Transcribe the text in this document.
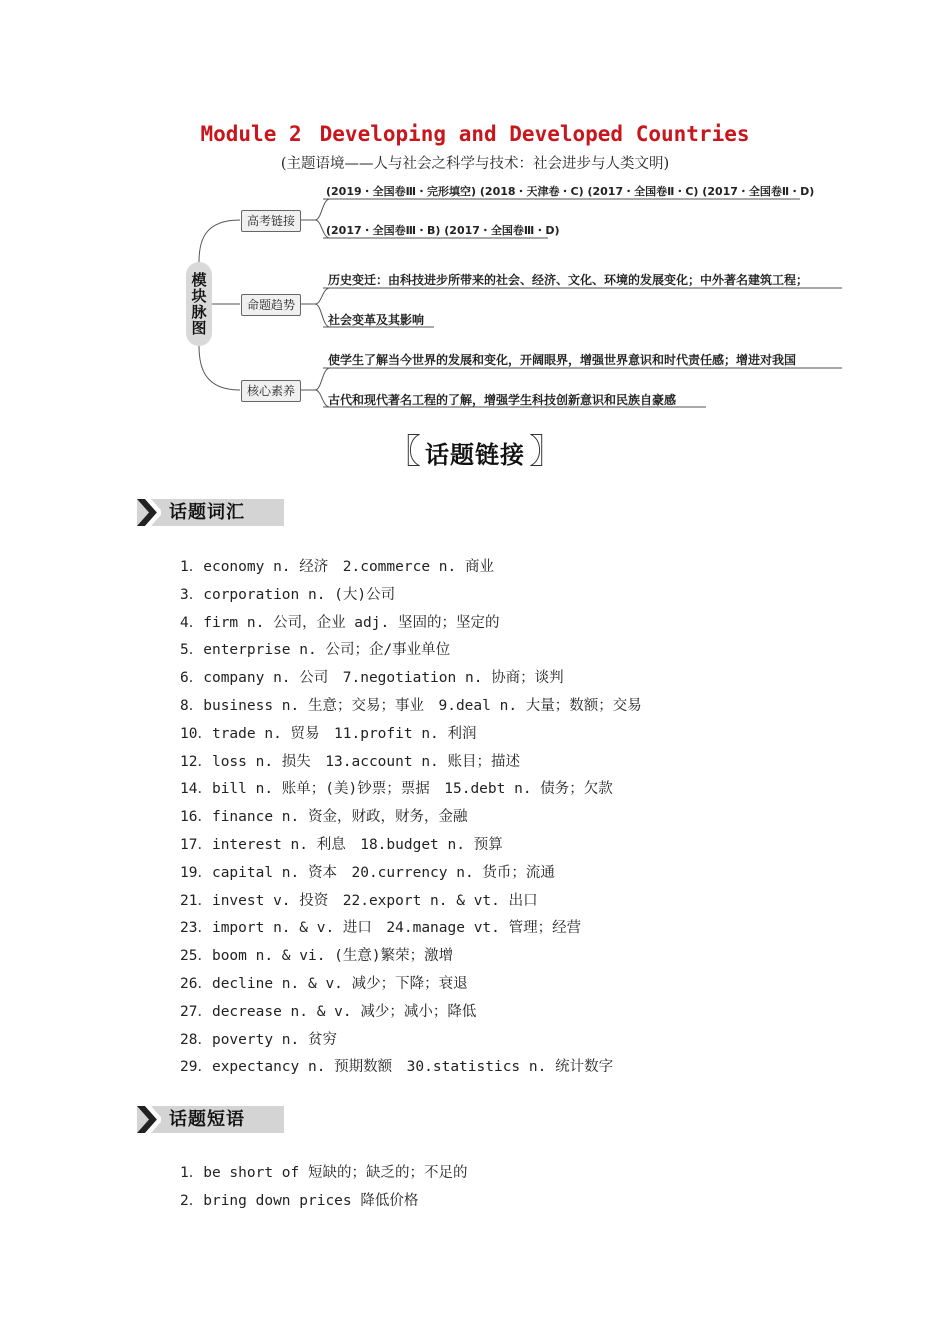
Module 2 Developing and Developed Countries
(主题语境——人与社会之科学与技术：社会进步与人类文明)
模块脉图
高考链接
命题趋势
核心素养
(2019・全国卷Ⅲ・完形填空) (2018・天津卷・C) (2017・全国卷Ⅱ・C) (2017・全国卷Ⅱ・D)
(2017・全国卷Ⅲ・B) (2017・全国卷Ⅲ・D)
历史变迁：由科技进步所带来的社会、经济、文化、环境的发展变化；中外著名建筑工程；
社会变革及其影响
使学生了解当今世界的发展和变化，开阔眼界，增强世界意识和时代责任感；增进对我国
古代和现代著名工程的了解，增强学生科技创新意识和民族自豪感
〖 话题链接 〗
话题词汇
1．economy n. 经济　2.commerce n. 商业
3．corporation n. (大)公司
4．firm n. 公司，企业 adj. 坚固的；坚定的
5．enterprise n. 公司；企/事业单位
6．company n. 公司　7.negotiation n. 协商；谈判
8．business n. 生意；交易；事业　9.deal n. 大量；数额；交易
10．trade n. 贸易　11.profit n. 利润
12．loss n. 损失　13.account n. 账目；描述
14．bill n. 账单；(美)钞票；票据　15.debt n. 债务；欠款
16．finance n. 资金，财政，财务，金融
17．interest n. 利息　18.budget n. 预算
19．capital n. 资本　20.currency n. 货币；流通
21．invest v. 投资　22.export n. & vt. 出口
23．import n. & v. 进口　24.manage vt. 管理；经营
25．boom n. & vi. (生意)繁荣；激增
26．decline n. & v. 减少；下降；衰退
27．decrease n. & v. 减少；减小；降低
28．poverty n. 贫穷
29．expectancy n. 预期数额　30.statistics n. 统计数字
话题短语
1．be short of 短缺的；缺乏的；不足的
2．bring down prices 降低价格
